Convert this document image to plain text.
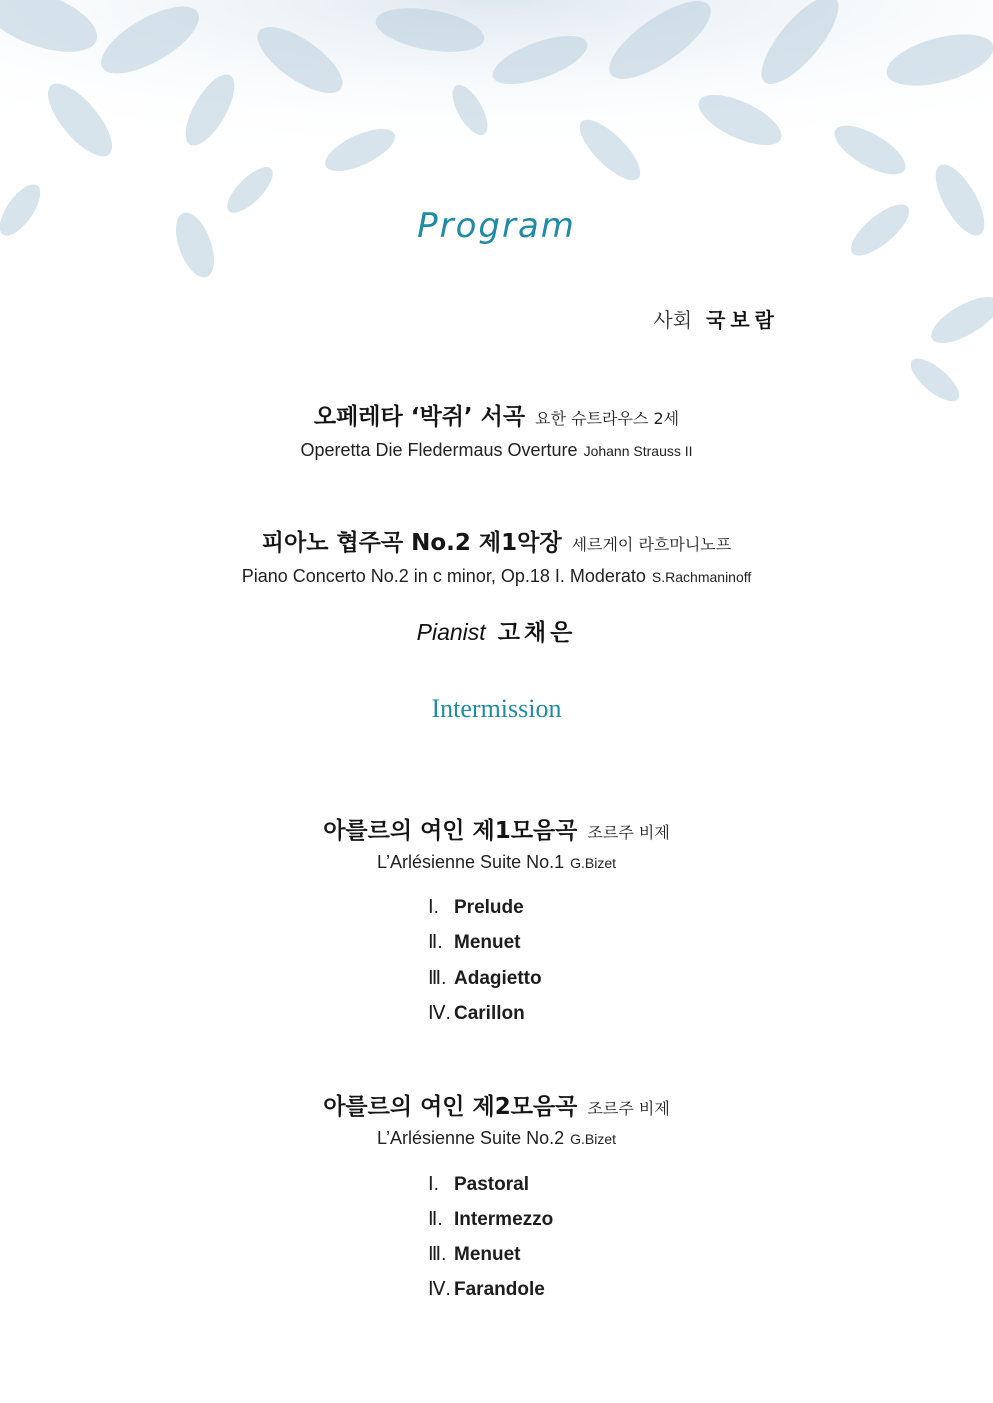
Program
사회 국보람
오페레타 ‘박쥐’ 서곡 요한 슈트라우스 2세
Operetta Die Fledermaus Overture Johann Strauss II
피아노 협주곡 No.2 제1악장 세르게이 라흐마니노프
Piano Concerto No.2 in c minor, Op.18 I. Moderato S.Rachmaninoff
Pianist 고채은
Intermission
아를르의 여인 제1모음곡 조르주 비제
L’Arlésienne Suite No.1 G.Bizet
Ⅰ. Prelude
Ⅱ. Menuet
Ⅲ. Adagietto
Ⅳ. Carillon
아를르의 여인 제2모음곡 조르주 비제
L’Arlésienne Suite No.2 G.Bizet
Ⅰ. Pastoral
Ⅱ. Intermezzo
Ⅲ. Menuet
Ⅳ. Farandole
